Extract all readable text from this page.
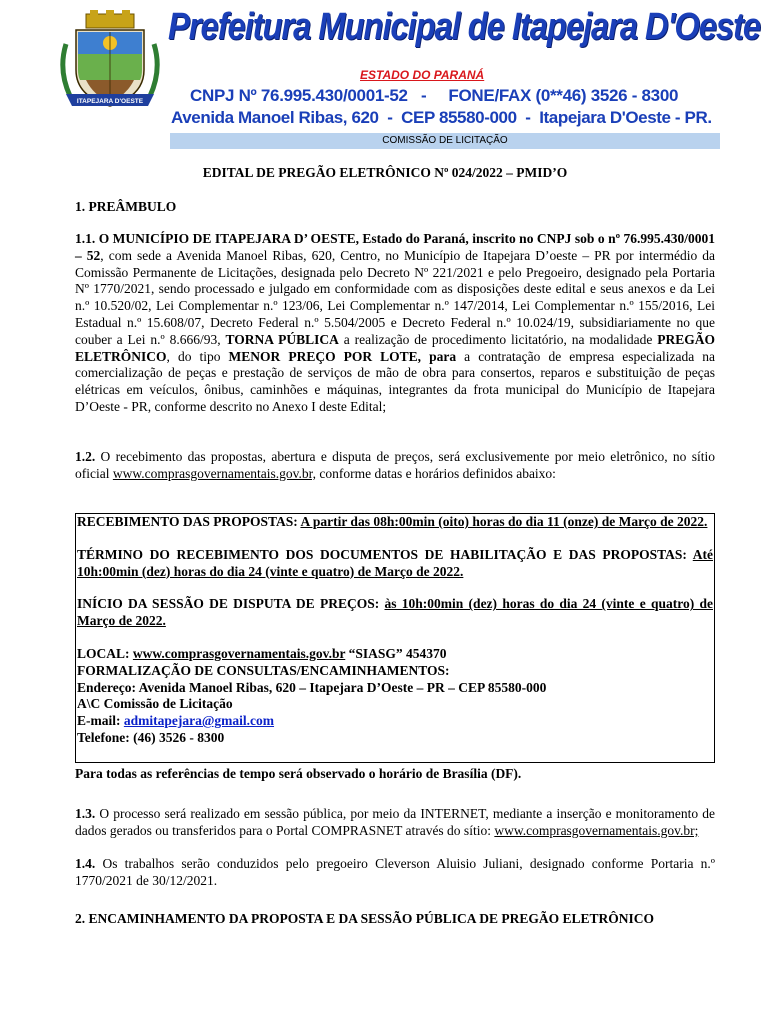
ITAPEJARA D'OESTE
Prefeitura Municipal de Itapejara D'Oeste
ESTADO DO PARANÁ
CNPJ Nº 76.995.430/0001-52   -     FONE/FAX (0**46) 3526 - 8300
Avenida Manoel Ribas, 620  -  CEP 85580-000  -  Itapejara D'Oeste - PR.
COMISSÃO DE LICITAÇÃO
EDITAL DE PREGÃO ELETRÔNICO Nº 024/2022 – PMID’O
1. PREÂMBULO
1.1. O MUNICÍPIO DE ITAPEJARA D’ OESTE, Estado do Paraná, inscrito no CNPJ sob o nº 76.995.430/0001 – 52, com sede a Avenida Manoel Ribas, 620, Centro, no Município de Itapejara D’oeste – PR por intermédio da Comissão Permanente de Licitações, designada pelo Decreto Nº 221/2021 e pelo Pregoeiro, designado pela Portaria Nº 1770/2021, sendo processado e julgado em conformidade com as disposições deste edital e seus anexos e da Lei n.º 10.520/02, Lei Complementar n.º 123/06, Lei Complementar n.º 147/2014, Lei Complementar n.º 155/2016, Lei Estadual n.º 15.608/07, Decreto Federal n.º 5.504/2005 e Decreto Federal n.º 10.024/19, subsidiariamente no que couber a Lei n.º 8.666/93, TORNA PÚBLICA a realização de procedimento licitatório, na modalidade PREGÃO ELETRÔNICO, do tipo MENOR PREÇO POR LOTE, para a contratação de empresa especializada na comercialização de peças e prestação de serviços de mão de obra para consertos, reparos e substituição de peças elétricas em veículos, ônibus, caminhões e máquinas, integrantes da frota municipal do Município de Itapejara D’Oeste - PR, conforme descrito no Anexo I deste Edital;
1.2. O recebimento das propostas, abertura e disputa de preços, será exclusivemente por meio eletrônico, no sítio oficial www.comprasgovernamentais.gov.br, conforme datas e horários definidos abaixo:
RECEBIMENTO DAS PROPOSTAS: A partir das 08h:00min (oito) horas do dia 11 (onze) de Março de 2022.
TÉRMINO DO RECEBIMENTO DOS DOCUMENTOS DE HABILITAÇÃO E DAS PROPOSTAS: Até 10h:00min (dez) horas do dia 24 (vinte e quatro) de Março de 2022.
INÍCIO DA SESSÃO DE DISPUTA DE PREÇOS: às 10h:00min (dez) horas do dia 24 (vinte e quatro) de Março de 2022.
LOCAL: www.comprasgovernamentais.gov.br “SIASG” 454370
FORMALIZAÇÃO DE CONSULTAS/ENCAMINHAMENTOS:
Endereço: Avenida Manoel Ribas, 620 – Itapejara D’Oeste – PR – CEP 85580-000
A\C Comissão de Licitação
E-mail: admitapejara@gmail.com
Telefone: (46) 3526 - 8300
Para todas as referências de tempo será observado o horário de Brasília (DF).
1.3. O processo será realizado em sessão pública, por meio da INTERNET, mediante a inserção e monitoramento de dados gerados ou transferidos para o Portal COMPRASNET através do sítio: www.comprasgovernamentais.gov.br;
1.4. Os trabalhos serão conduzidos pelo pregoeiro Cleverson Aluisio Juliani, designado conforme Portaria n.º 1770/2021 de 30/12/2021.
2. ENCAMINHAMENTO DA PROPOSTA E DA SESSÃO PÚBLICA DE PREGÃO ELETRÔNICO
